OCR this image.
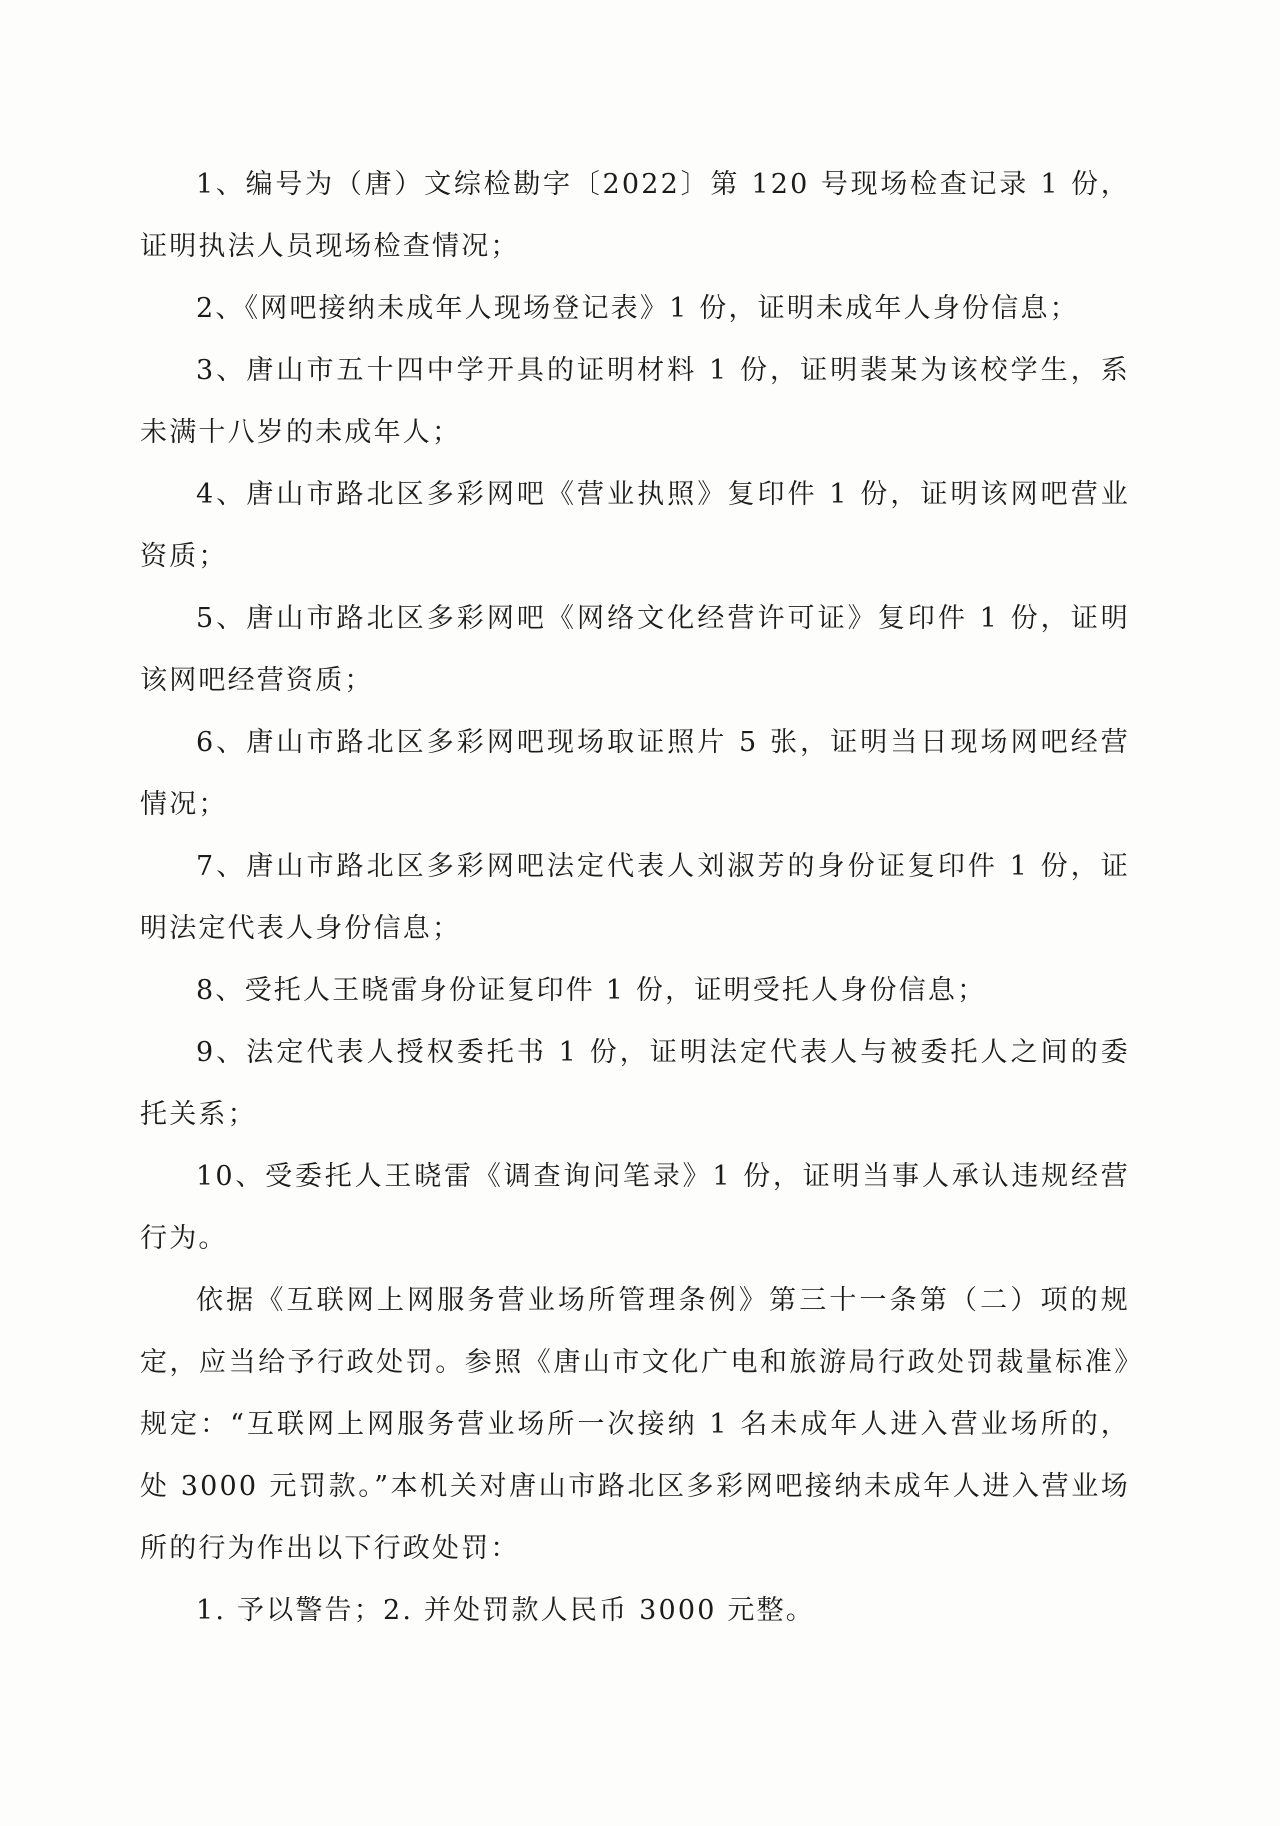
1、编号为（唐）文综检勘字〔2022〕第 120 号现场检查记录 1 份，证明执法人员现场检查情况；

2、《网吧接纳未成年人现场登记表》1 份，证明未成年人身份信息；

3、唐山市五十四中学开具的证明材料 1 份，证明裴某为该校学生，系未满十八岁的未成年人；

4、唐山市路北区多彩网吧《营业执照》复印件 1 份，证明该网吧营业资质；

5、唐山市路北区多彩网吧《网络文化经营许可证》复印件 1 份，证明该网吧经营资质；

6、唐山市路北区多彩网吧现场取证照片 5 张，证明当日现场网吧经营情况；

7、唐山市路北区多彩网吧法定代表人刘淑芳的身份证复印件 1 份，证明法定代表人身份信息；

8、受托人王晓雷身份证复印件 1 份，证明受托人身份信息；

9、法定代表人授权委托书 1 份，证明法定代表人与被委托人之间的委托关系；

10、受委托人王晓雷《调查询问笔录》1 份，证明当事人承认违规经营行为。

依据《互联网上网服务营业场所管理条例》第三十一条第（二）项的规定，应当给予行政处罚。参照《唐山市文化广电和旅游局行政处罚裁量标准》规定：“互联网上网服务营业场所一次接纳 1 名未成年人进入营业场所的，处 3000 元罚款。”本机关对唐山市路北区多彩网吧接纳未成年人进入营业场所的行为作出以下行政处罚：

1. 予以警告；2. 并处罚款人民币 3000 元整。
